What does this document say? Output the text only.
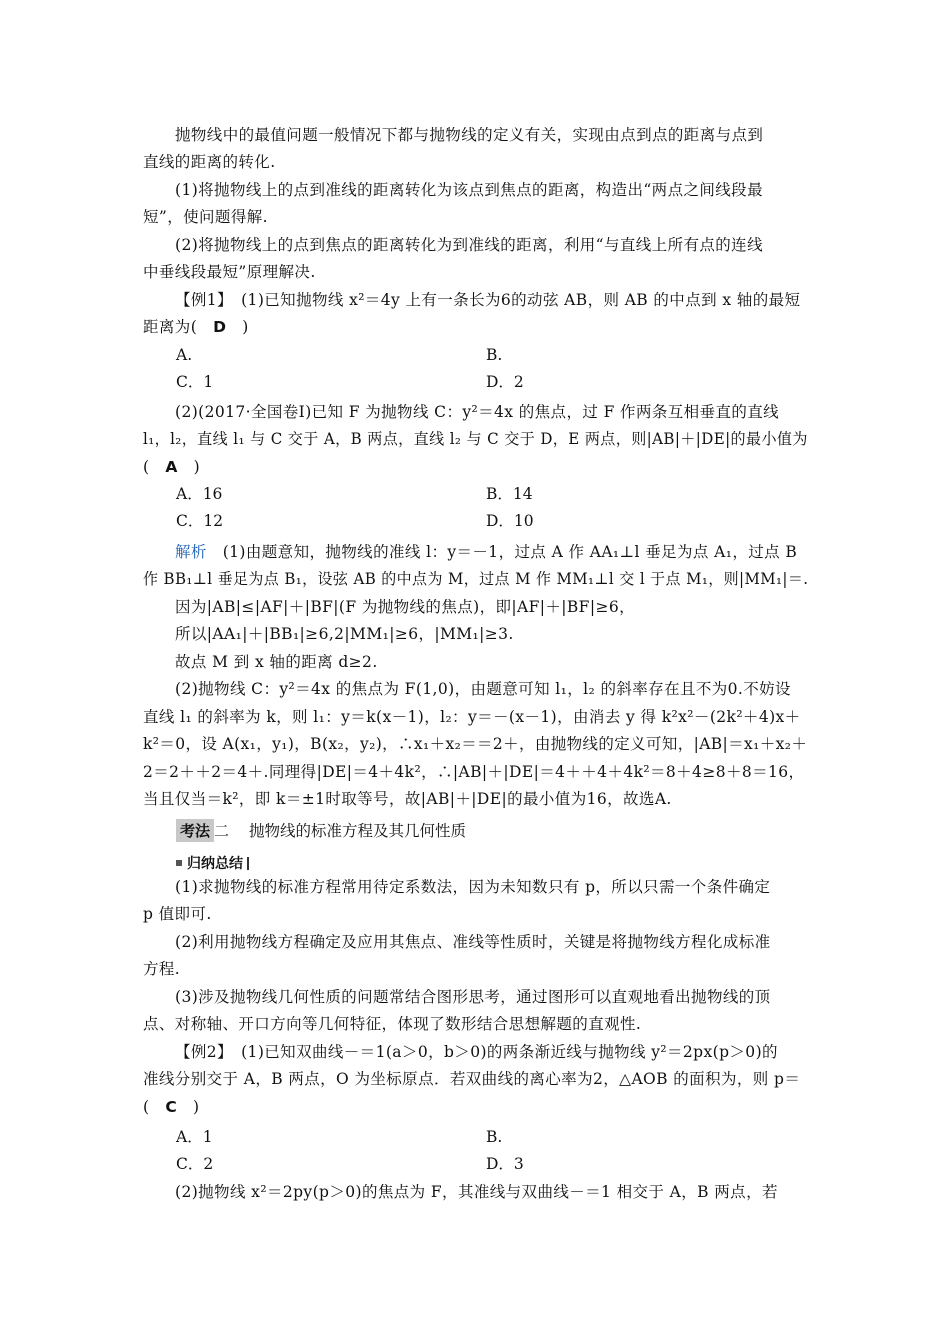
抛物线中的最值问题一般情况下都与抛物线的定义有关，实现由点到点的距离与点到
直线的距离的转化.
(1)将抛物线上的点到准线的距离转化为该点到焦点的距离，构造出“两点之间线段最
短”，使问题得解.
(2)将抛物线上的点到焦点的距离转化为到准线的距离，利用“与直线上所有点的连线
中垂线段最短”原理解决.
【例1】　(1)已知抛物线 x²＝4y 上有一条长为6的动弦 AB，则 AB 的中点到 x 轴的最短
距离为(　D　)
(2)(2017·全国卷Ⅰ)已知 F 为抛物线 C：y²＝4x 的焦点，过 F 作两条互相垂直的直线
l₁，l₂，直线 l₁ 与 C 交于 A，B 两点，直线 l₂ 与 C 交于 D，E 两点，则|AB|＋|DE|的最小值为
(　A　)
解析　(1)由题意知，抛物线的准线 l：y＝－1，过点 A 作 AA₁⊥l 垂足为点 A₁，过点 B
作 BB₁⊥l 垂足为点 B₁，设弦 AB 的中点为 M，过点 M 作 MM₁⊥l 交 l 于点 M₁，则|MM₁|＝.
因为|AB|≤|AF|＋|BF|(F 为抛物线的焦点)，即|AF|＋|BF|≥6，
所以|AA₁|＋|BB₁|≥6,2|MM₁|≥6，|MM₁|≥3.
故点 M 到 x 轴的距离 d≥2.
(2)抛物线 C：y²＝4x 的焦点为 F(1,0)，由题意可知 l₁，l₂ 的斜率存在且不为0.不妨设
直线 l₁ 的斜率为 k，则 l₁：y＝k(x－1)，l₂：y＝－(x－1)，由消去 y 得 k²x²－(2k²＋4)x＋
k²＝0，设 A(x₁，y₁)，B(x₂，y₂)，∴x₁＋x₂＝＝2＋，由抛物线的定义可知，|AB|＝x₁＋x₂＋
2＝2＋＋2＝4＋.同理得|DE|＝4＋4k²，∴|AB|＋|DE|＝4＋＋4＋4k²＝8＋4≥8＋8＝16，
当且仅当＝k²，即 k＝±1时取等号，故|AB|＋|DE|的最小值为16，故选A.
(1)求抛物线的标准方程常用待定系数法，因为未知数只有 p，所以只需一个条件确定
p 值即可.
(2)利用抛物线方程确定及应用其焦点、准线等性质时，关键是将抛物线方程化成标准
方程.
(3)涉及抛物线几何性质的问题常结合图形思考，通过图形可以直观地看出抛物线的顶
点、对称轴、开口方向等几何特征，体现了数形结合思想解题的直观性.
【例2】　(1)已知双曲线－＝1(a＞0，b＞0)的两条渐近线与抛物线 y²＝2px(p＞0)的
准线分别交于 A，B 两点，O 为坐标原点．若双曲线的离心率为2，△AOB 的面积为，则 p＝
(　C　)
(2)抛物线 x²＝2py(p＞0)的焦点为 F，其准线与双曲线－＝1 相交于 A，B 两点，若
A.	B.
C．1	D．2
A．16	B．14
C．12	D．10
A．1	B.
C．2	D．3
考法 二 抛物线的标准方程及其几何性质
归纳总结
